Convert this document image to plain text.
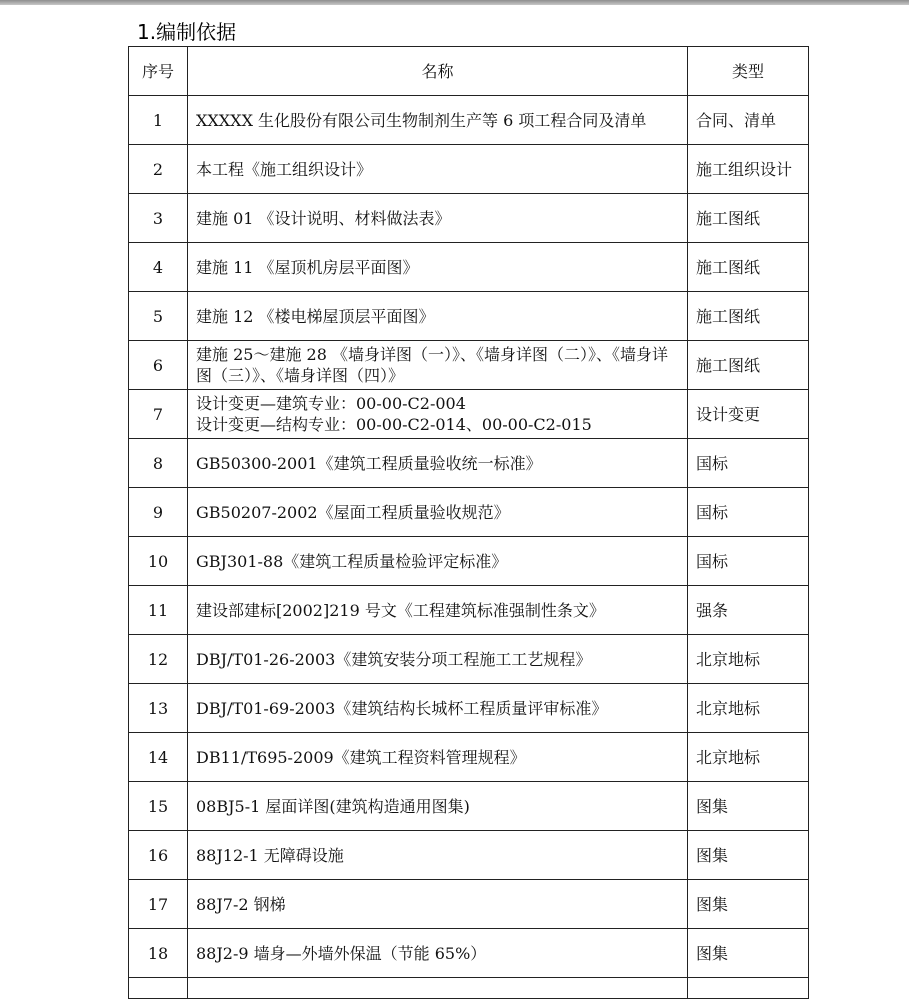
1.编制依据
序号	名称	类型
1	XXXXX 生化股份有限公司生物制剂生产等 6 项工程合同及清单	合同、清单
2	本工程《施工组织设计》	施工组织设计
3	建施 01 《设计说明、材料做法表》	施工图纸
4	建施 11 《屋顶机房层平面图》	施工图纸
5	建施 12 《楼电梯屋顶层平面图》	施工图纸
6	建施 25～建施 28 《墙身详图（一）》、《墙身详图（二）》、《墙身详图（三）》、《墙身详图（四）》	施工图纸
7	设计变更—建筑专业：00-00-C2-004
设计变更—结构专业：00-00-C2-014、00-00-C2-015	设计变更
8	GB50300-2001《建筑工程质量验收统一标准》	国标
9	GB50207-2002《屋面工程质量验收规范》	国标
10	GBJ301-88《建筑工程质量检验评定标准》	国标
11	建设部建标[2002]219 号文《工程建筑标准强制性条文》	强条
12	DBJ/T01-26-2003《建筑安装分项工程施工工艺规程》	北京地标
13	DBJ/T01-69-2003《建筑结构长城杯工程质量评审标准》	北京地标
14	DB11/T695-2009《建筑工程资料管理规程》	北京地标
15	08BJ5-1 屋面详图(建筑构造通用图集)	图集
16	88J12-1 无障碍设施	图集
17	88J7-2 钢梯	图集
18	88J2-9 墙身—外墙外保温（节能 65%）	图集
